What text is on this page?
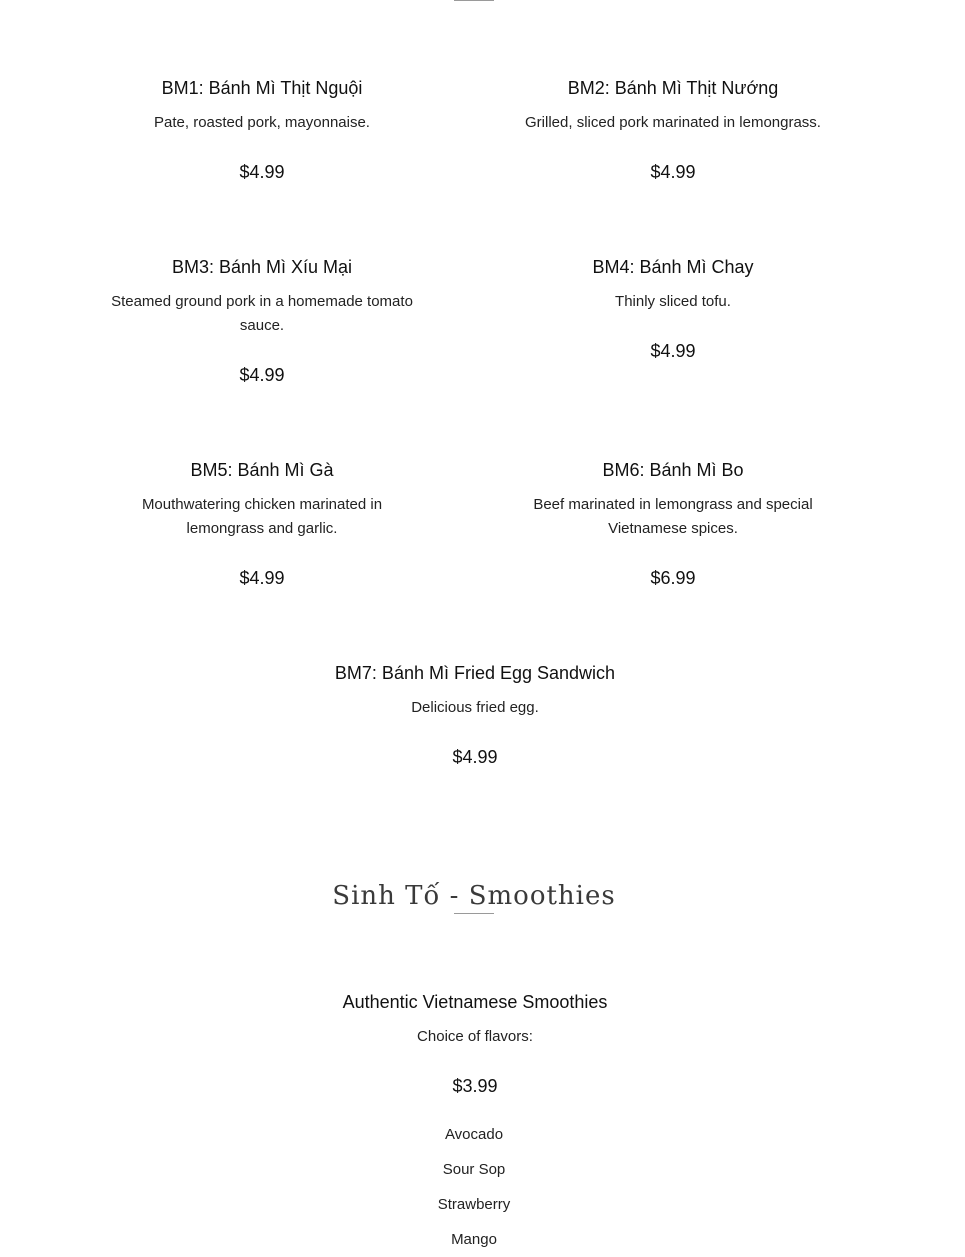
BM1: Bánh Mì Thịt Nguội

Pate, roasted pork, mayonnaise.

$4.99

BM2: Bánh Mì Thịt Nướng

Grilled, sliced pork marinated in lemongrass.

$4.99

BM3: Bánh Mì Xíu Mại

Steamed ground pork in a homemade tomato sauce.

$4.99

BM4: Bánh Mì Chay

Thinly sliced tofu.

$4.99

BM5: Bánh Mì Gà

Mouthwatering chicken marinated in lemongrass and garlic.

$4.99

BM6: Bánh Mì Bo

Beef marinated in lemongrass and special Vietnamese spices.

$6.99

BM7: Bánh Mì Fried Egg Sandwich

Delicious fried egg.

$4.99

Sinh Tố - Smoothies
Authentic Vietnamese Smoothies

Choice of flavors:

$3.99

Avocado
Sour Sop
Strawberry
Mango
